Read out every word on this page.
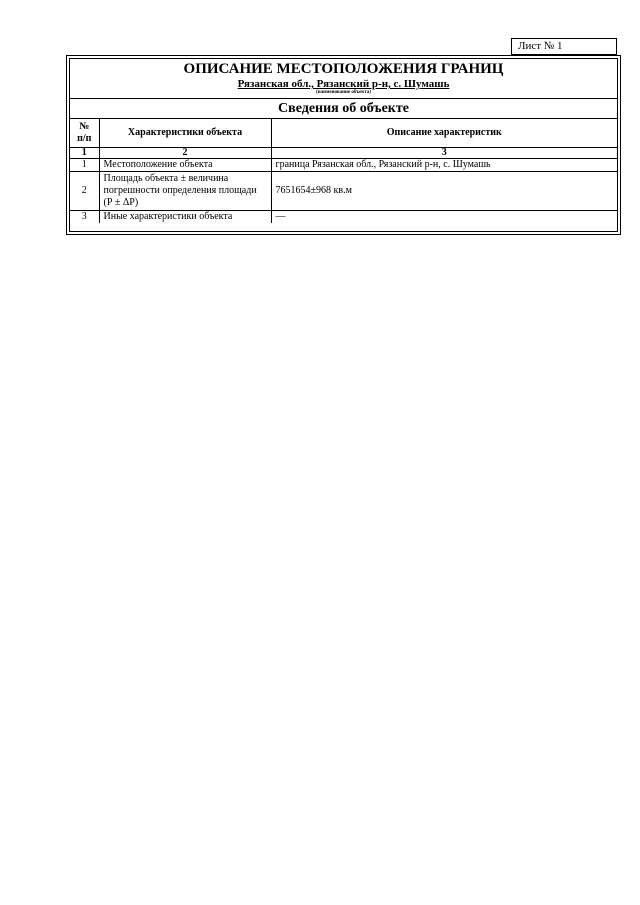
Лист № 1
ОПИСАНИЕ МЕСТОПОЛОЖЕНИЯ ГРАНИЦ
Рязанская обл., Рязанский р-н, с. Шумашь
(наименование объекта)
Сведения об объекте
№ п/п	Характеристики объекта	Описание характеристик
1	2	3
1	Местоположение объекта	граница Рязанская обл., Рязанский р-н, с. Шумашь
2	Площадь объекта ± величина погрешности определения площади (Р ± ΔР)	7651654±968 кв.м
3	Иные характеристики объекта	—
